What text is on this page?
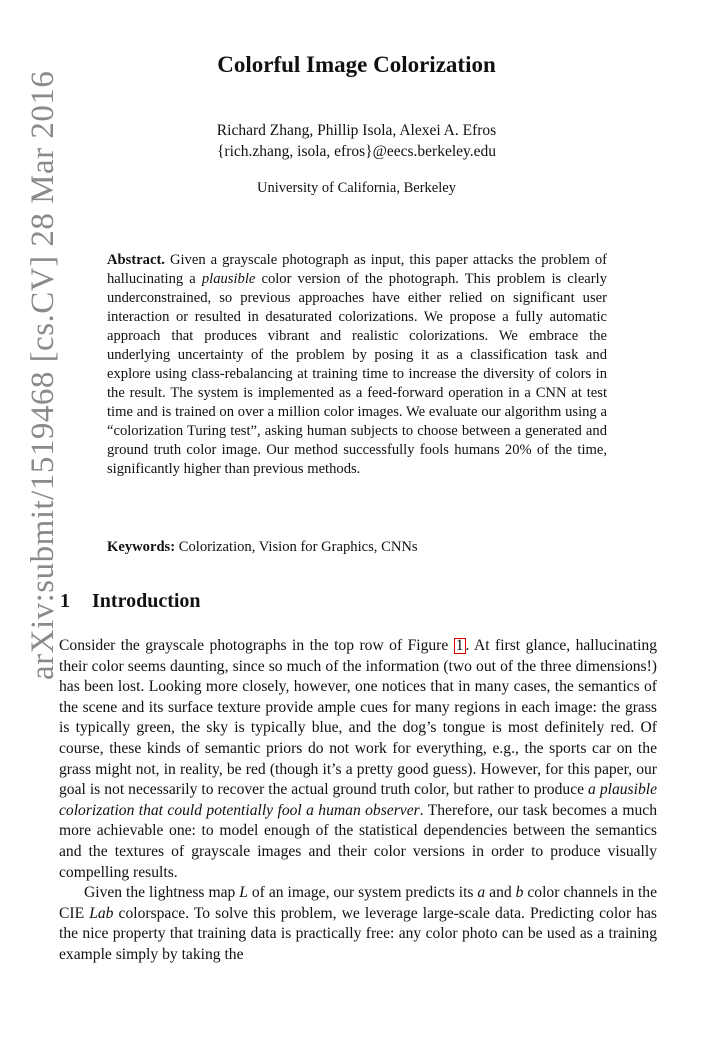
arXiv:submit/1519468 [cs.CV] 28 Mar 2016
Colorful Image Colorization
Richard Zhang, Phillip Isola, Alexei A. Efros
{rich.zhang, isola, efros}@eecs.berkeley.edu
University of California, Berkeley
Abstract. Given a grayscale photograph as input, this paper attacks the problem of hallucinating a plausible color version of the photograph. This problem is clearly underconstrained, so previous approaches have either relied on significant user interaction or resulted in desaturated colorizations. We propose a fully automatic approach that produces vibrant and realistic colorizations. We embrace the underlying uncertainty of the problem by posing it as a classification task and explore using class-rebalancing at training time to increase the diversity of colors in the result. The system is implemented as a feed-forward operation in a CNN at test time and is trained on over a million color images. We evaluate our algorithm using a “colorization Turing test”, asking human subjects to choose between a generated and ground truth color image. Our method successfully fools humans 20% of the time, significantly higher than previous methods.
Keywords: Colorization, Vision for Graphics, CNNs
1 Introduction

Consider the grayscale photographs in the top row of Figure 1 . At first glance, hallucinating their color seems daunting, since so much of the information (two out of the three dimensions!) has been lost. Looking more closely, however, one notices that in many cases, the semantics of the scene and its surface texture provide ample cues for many regions in each image: the grass is typically green, the sky is typically blue, and the dog’s tongue is most definitely red. Of course, these kinds of semantic priors do not work for everything, e.g., the sports car on the grass might not, in reality, be red (though it’s a pretty good guess). However, for this paper, our goal is not necessarily to recover the actual ground truth color, but rather to produce a plausible colorization that could potentially fool a human observer. Therefore, our task becomes a much more achievable one: to model enough of the statistical dependencies between the semantics and the textures of grayscale images and their color versions in order to produce visually compelling results.

Given the lightness map L of an image, our system predicts its a and b color channels in the CIE Lab colorspace. To solve this problem, we leverage large-scale data. Predicting color has the nice property that training data is practically free: any color photo can be used as a training example simply by taking the
